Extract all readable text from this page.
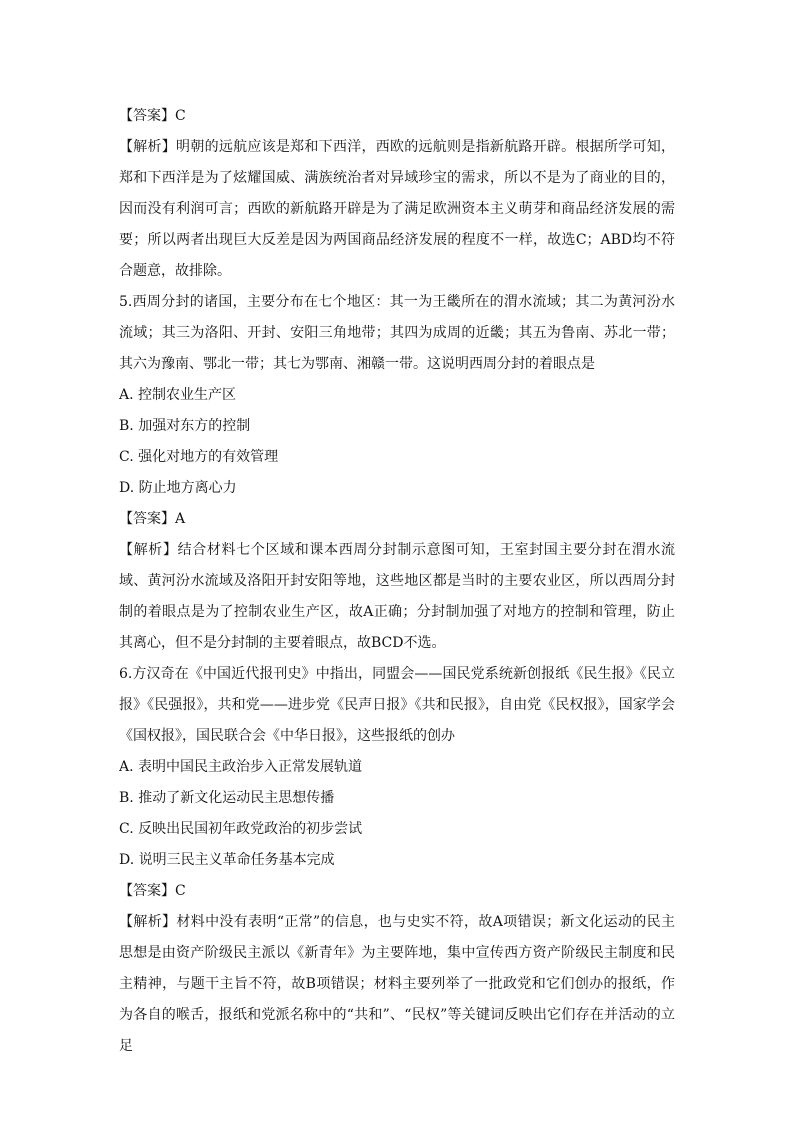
【答案】C
【解析】明朝的远航应该是郑和下西洋，西欧的远航则是指新航路开辟。根据所学可知，郑和下西洋是为了炫耀国威、满族统治者对异域珍宝的需求，所以不是为了商业的目的，因而没有利润可言；西欧的新航路开辟是为了满足欧洲资本主义萌芽和商品经济发展的需要；所以两者出现巨大反差是因为两国商品经济发展的程度不一样，故选C；ABD均不符合题意，故排除。
5.西周分封的诸国，主要分布在七个地区：其一为王畿所在的渭水流域；其二为黄河汾水流域；其三为洛阳、开封、安阳三角地带；其四为成周的近畿；其五为鲁南、苏北一带；其六为豫南、鄂北一带；其七为鄂南、湘赣一带。这说明西周分封的着眼点是
A. 控制农业生产区
B. 加强对东方的控制
C. 强化对地方的有效管理
D. 防止地方离心力
【答案】A
【解析】结合材料七个区域和课本西周分封制示意图可知，王室封国主要分封在渭水流域、黄河汾水流域及洛阳开封安阳等地，这些地区都是当时的主要农业区，所以西周分封制的着眼点是为了控制农业生产区，故A正确；分封制加强了对地方的控制和管理，防止其离心，但不是分封制的主要着眼点，故BCD不选。
6.方汉奇在《中国近代报刊史》中指出，同盟会——国民党系统新创报纸《民生报》《民立报》《民强报》，共和党——进步党《民声日报》《共和民报》，自由党《民权报》，国家学会《国权报》，国民联合会《中华日报》，这些报纸的创办
A. 表明中国民主政治步入正常发展轨道
B. 推动了新文化运动民主思想传播
C. 反映出民国初年政党政治的初步尝试
D. 说明三民主义革命任务基本完成
【答案】C
【解析】材料中没有表明“正常”的信息，也与史实不符，故A项错误；新文化运动的民主思想是由资产阶级民主派以《新青年》为主要阵地，集中宣传西方资产阶级民主制度和民主精神，与题干主旨不符，故B项错误；材料主要列举了一批政党和它们创办的报纸，作为各自的喉舌，报纸和党派名称中的“共和”、“民权”等关键词反映出它们存在并活动的立足
